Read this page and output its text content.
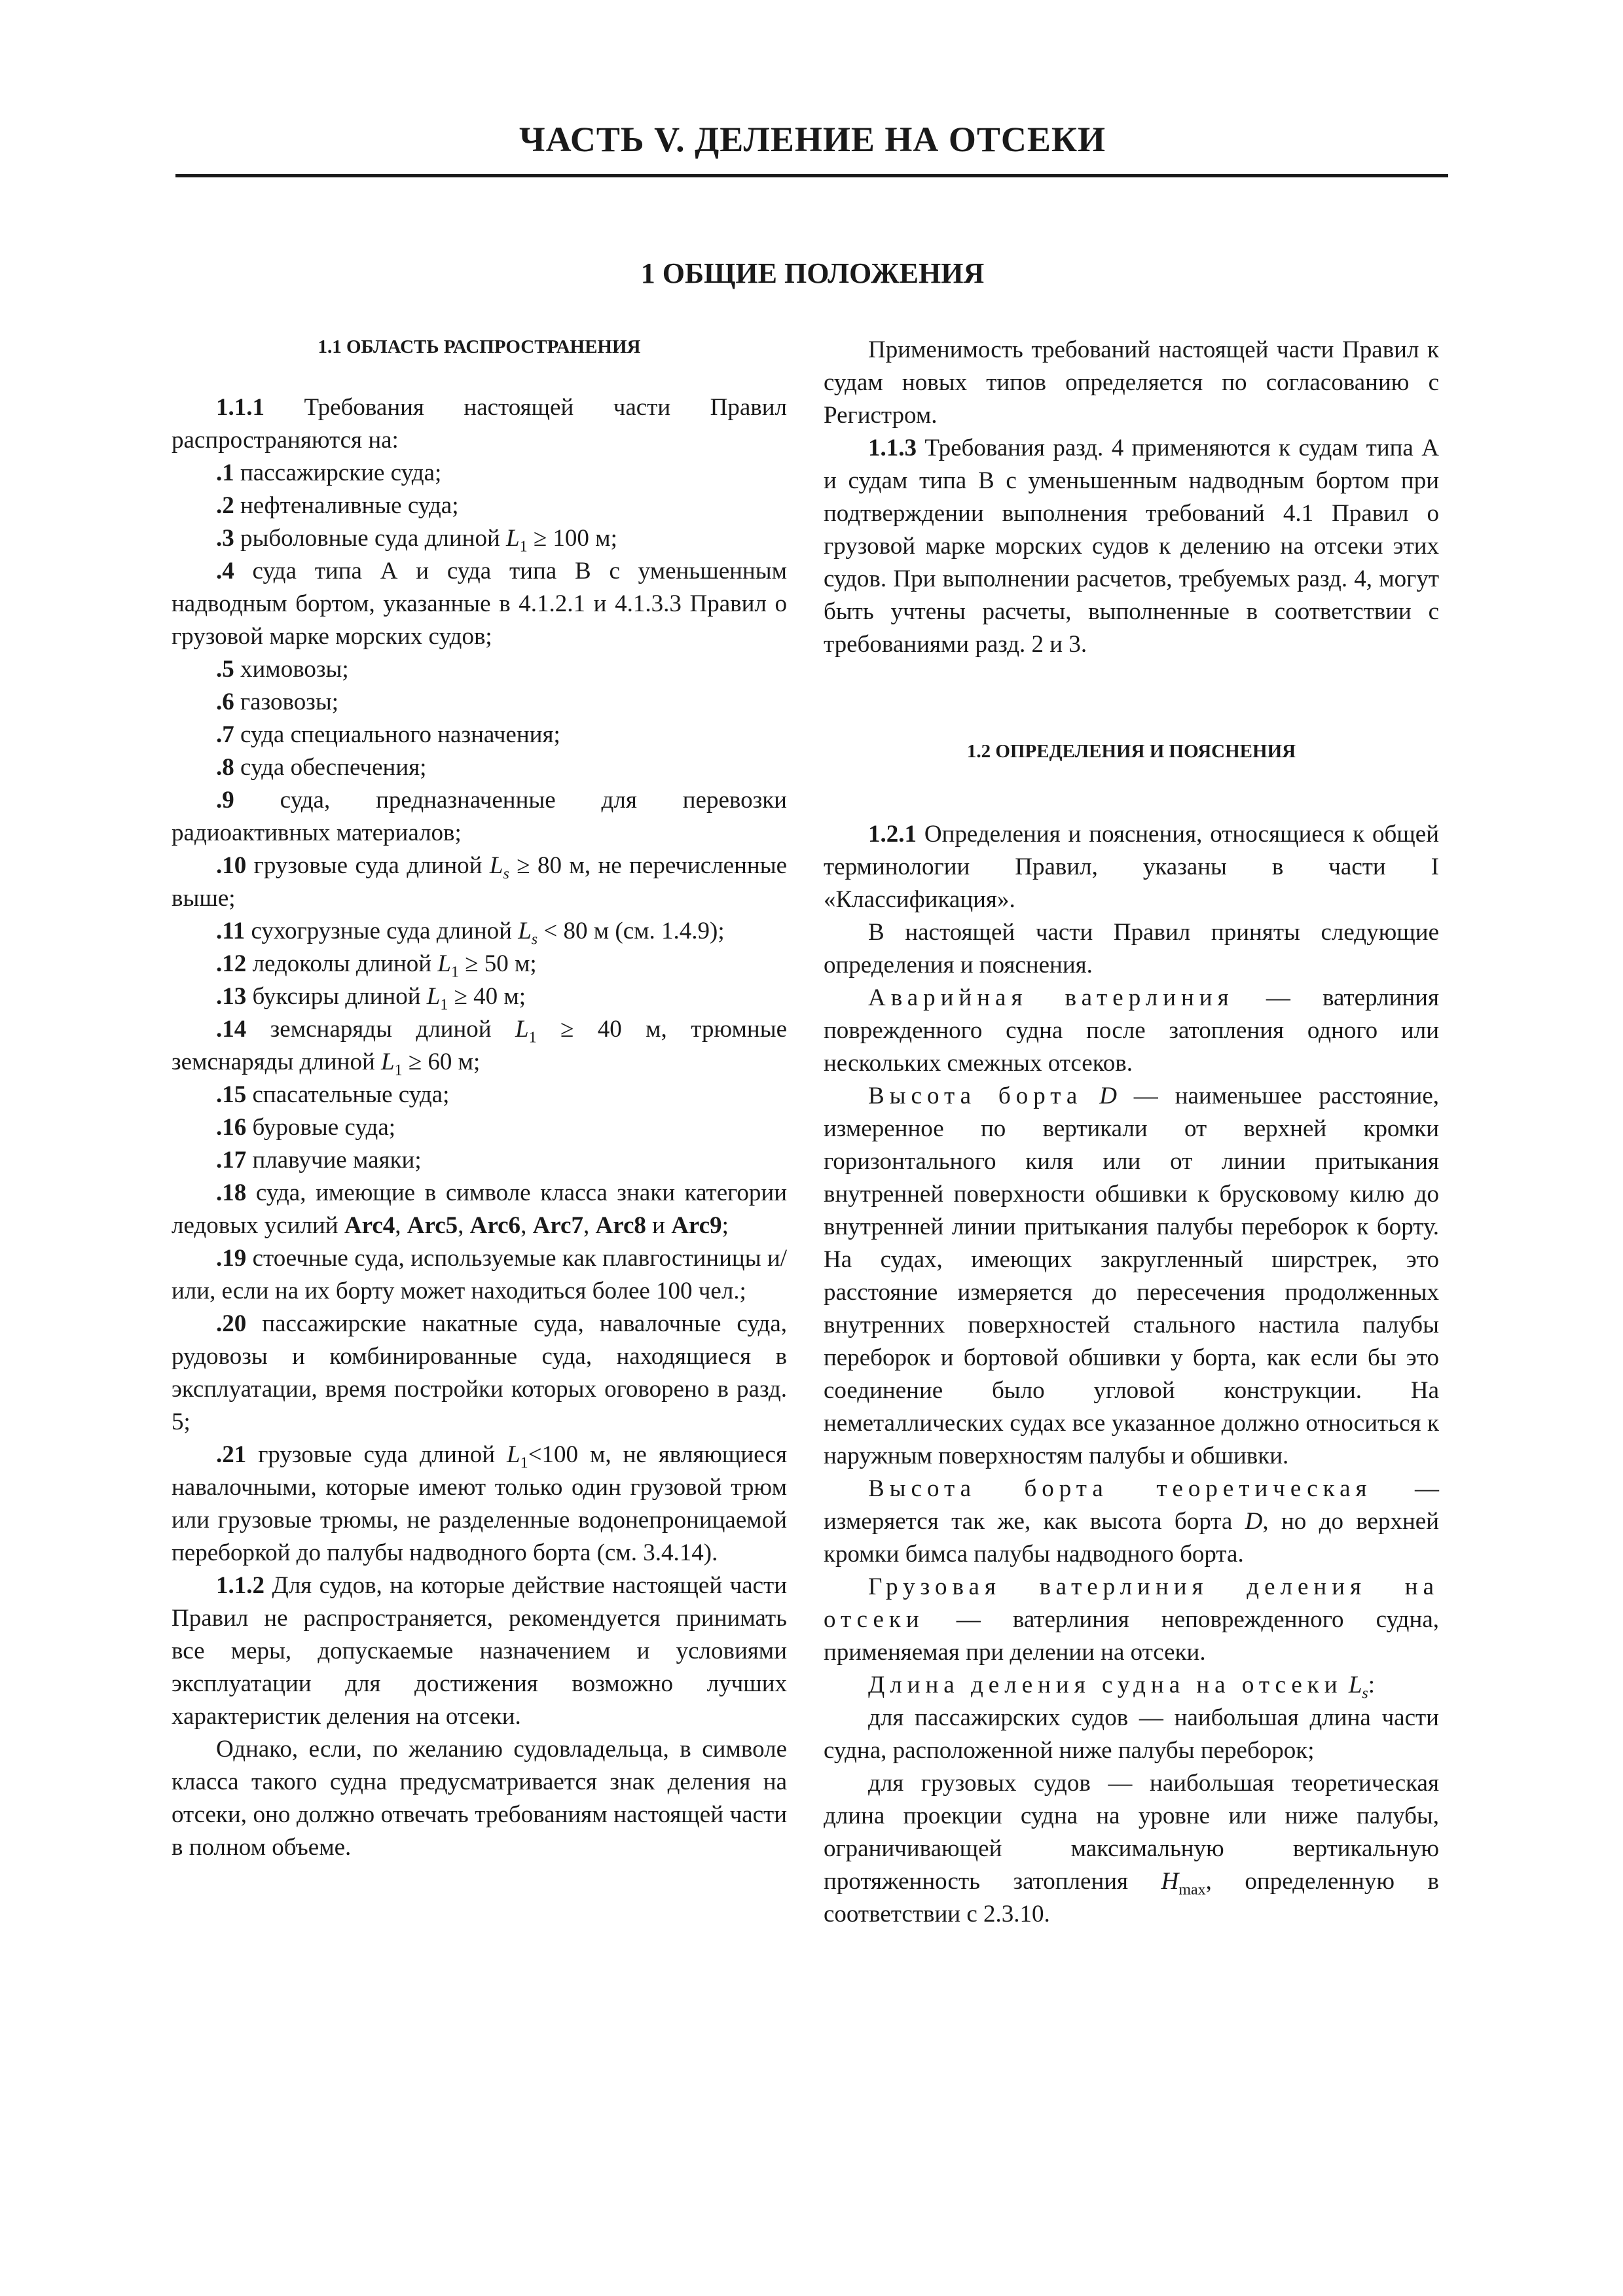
ЧАСТЬ V. ДЕЛЕНИЕ НА ОТСЕКИ
1 ОБЩИЕ ПОЛОЖЕНИЯ
1.1 ОБЛАСТЬ РАСПРОСТРАНЕНИЯ

1.1.1 Требования настоящей части Правил распространяются на:

.1 пассажирские суда;

.2 нефтеналивные суда;

.3 рыболовные суда длиной $L_1 \ge 100$ м;

.4 суда типа А и суда типа В с уменьшенным надводным бортом, указанные в 4.1.2.1 и 4.1.3.3 Правил о грузовой марке морских судов;

.5 химовозы;

.6 газовозы;

.7 суда специального назначения;

.8 суда обеспечения;

.9 суда, предназначенные для перевозки радиоактивных материалов;

.10 грузовые суда длиной $L_s \ge 80$ м, не перечисленные выше;

.11 сухогрузные суда длиной $L_s < 80$ м (см. 1.4.9);

.12 ледоколы длиной $L_1 \ge 50$ м;

.13 буксиры длиной $L_1 \ge 40$ м;

.14 земснаряды длиной $L_1 \ge 40$ м, трюмные земснаряды длиной $L_1 \ge 60$ м;

.15 спасательные суда;

.16 буровые суда;

.17 плавучие маяки;

.18 суда, имеющие в символе класса знаки категории ледовых усилий Arc4, Arc5, Arc6, Arc7, Arc8 и Arc9;

.19 стоечные суда, используемые как плавгостиницы и/или, если на их борту может находиться более 100 чел.;

.20 пассажирские накатные суда, навалочные суда, рудовозы и комбинированные суда, находящиеся в эксплуатации, время постройки которых оговорено в разд. 5;

.21 грузовые суда длиной $L_1<100$ м, не являющиеся навалочными, которые имеют только один грузовой трюм или грузовые трюмы, не разделенные водонепроницаемой переборкой до палубы надводного борта (см. 3.4.14).

1.1.2 Для судов, на которые действие настоящей части Правил не распространяется, рекомендуется принимать все меры, допускаемые назначением и условиями эксплуатации для достижения возможно лучших характеристик деления на отсеки.

Однако, если, по желанию судовладельца, в символе класса такого судна предусматривается знак деления на отсеки, оно должно отвечать требованиям настоящей части в полном объеме.

Применимость требований настоящей части Правил к судам новых типов определяется по согласованию с Регистром.

1.1.3 Требования разд. 4 применяются к судам типа А и судам типа В с уменьшенным надводным бортом при подтверждении выполнения требований 4.1 Правил о грузовой марке морских судов к делению на отсеки этих судов. При выполнении расчетов, требуемых разд. 4, могут быть учтены расчеты, выполненные в соответствии с требованиями разд. 2 и 3.

1.2 ОПРЕДЕЛЕНИЯ И ПОЯСНЕНИЯ

1.2.1 Определения и пояснения, относящиеся к общей терминологии Правил, указаны в части I «Классификация».

В настоящей части Правил приняты следующие определения и пояснения.

Аварийная ватерлиния — ватерлиния поврежденного судна после затопления одного или нескольких смежных отсеков.

Высота борта D — наименьшее расстояние, измеренное по вертикали от верхней кромки горизонтального киля или от линии притыкания внутренней поверхности обшивки к брусковому килю до внутренней линии притыкания палубы переборок к борту. На судах, имеющих закругленный ширстрек, это расстояние измеряется до пересечения продолженных внутренних поверхностей стального настила палубы переборок и бортовой обшивки у борта, как если бы это соединение было угловой конструкции. На неметаллических судах все указанное должно относиться к наружным поверхностям палубы и обшивки.

Высота борта теоретическая — измеряется так же, как высота борта D, но до верхней кромки бимса палубы надводного борта.

Грузовая ватерлиния деления на отсеки — ватерлиния неповрежденного судна, применяемая при делении на отсеки.

Длина деления судна на отсеки $L_s$:

для пассажирских судов — наибольшая длина части судна, расположенной ниже палубы переборок;

для грузовых судов — наибольшая теоретическая длина проекции судна на уровне или ниже палубы, ограничивающей максимальную вертикальную протяженность затопления $H_{max}$, определенную в соответствии с 2.3.10.
